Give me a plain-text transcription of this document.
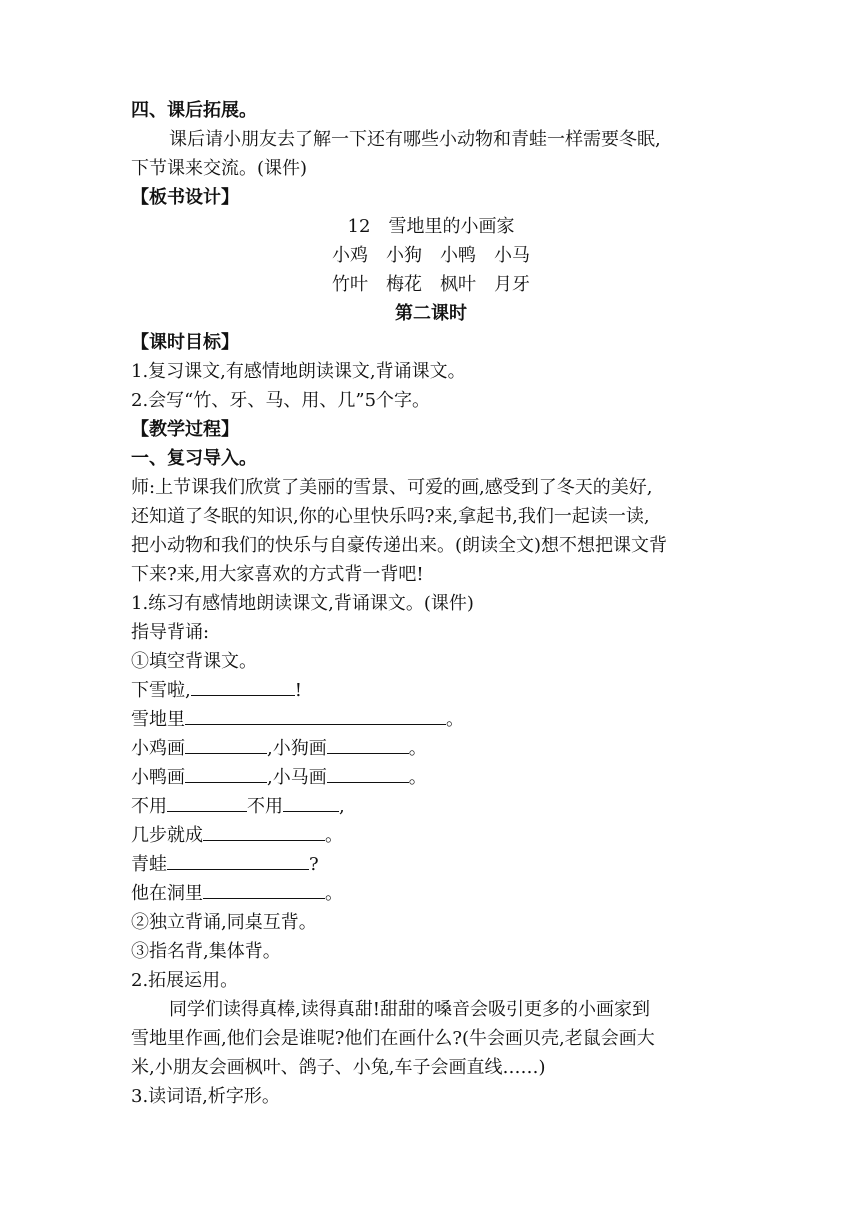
四、课后拓展。
课后请小朋友去了解一下还有哪些小动物和青蛙一样需要冬眠,
下节课来交流。(课件)
【板书设计】
12　雪地里的小画家
小鸡 小狗 小鸭 小马
竹叶 梅花 枫叶 月牙
第二课时
【课时目标】
1.复习课文,有感情地朗读课文,背诵课文。
2.会写“竹、牙、马、用、几”5个字。
【教学过程】
一、复习导入。
师:上节课我们欣赏了美丽的雪景、可爱的画,感受到了冬天的美好,
还知道了冬眠的知识,你的心里快乐吗?来,拿起书,我们一起读一读,
把小动物和我们的快乐与自豪传递出来。(朗读全文)想不想把课文背
下来?来,用大家喜欢的方式背一背吧!
1.练习有感情地朗读课文,背诵课文。(课件)
指导背诵:
①填空背课文。
下雪啦,	!
雪地里	。
小鸡画	,小狗画	。
小鸭画	,小马画	。
不用	不用	,
几步就成	。
青蛙	?
他在洞里	。
②独立背诵,同桌互背。
③指名背,集体背。
2.拓展运用。
同学们读得真棒,读得真甜!甜甜的嗓音会吸引更多的小画家到
雪地里作画,他们会是谁呢?他们在画什么?(牛会画贝壳,老鼠会画大
米,小朋友会画枫叶、鸽子、小兔,车子会画直线……)
3.读词语,析字形。
